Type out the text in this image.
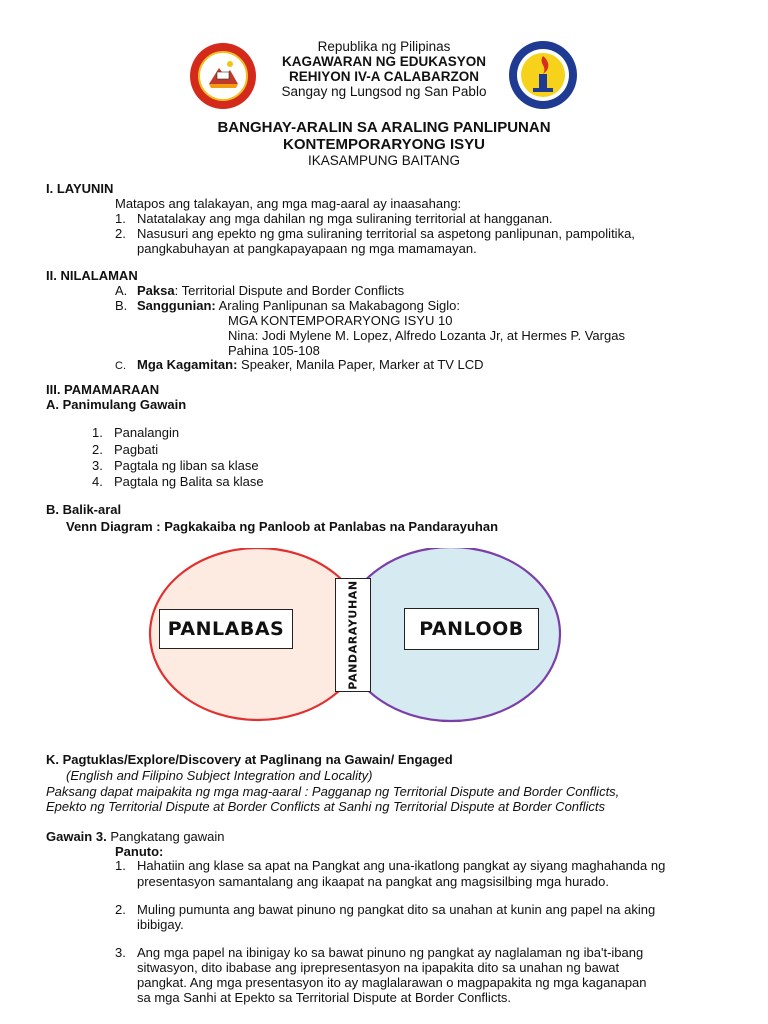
Republika ng Pilipinas
KAGAWARAN NG EDUKASYON
REHIYON IV-A CALABARZON
Sangay ng Lungsod ng San Pablo
BANGHAY-ARALIN SA ARALING PANLIPUNAN
KONTEMPORARYONG ISYU
IKASAMPUNG BAITANG
I. LAYUNIN
Matapos ang talakayan, ang mga mag-aaral ay inaasahang:
1. Natatalakay ang mga dahilan ng mga suliraning territorial at hangganan.
2. Nasusuri ang epekto ng gma suliraning territorial sa aspetong panlipunan, pampolitika,
pangkabuhayan at pangkapayapaan ng mga mamamayan.
II. NILALAMAN
A. Paksa: Territorial Dispute and Border Conflicts
B. Sanggunian: Araling Panlipunan sa Makabagong Siglo:
MGA KONTEMPORARYONG ISYU 10
Nina: Jodi Mylene M. Lopez, Alfredo Lozanta Jr, at Hermes P. Vargas
Pahina 105-108
C. Mga Kagamitan: Speaker, Manila Paper, Marker at TV LCD
III. PAMAMARAAN
A. Panimulang Gawain
1. Panalangin
2. Pagbati
3. Pagtala ng liban sa klase
4. Pagtala ng Balita sa klase
B. Balik-aral
Venn Diagram : Pagkakaiba ng Panloob at Panlabas na Pandarayuhan
PANLABAS	PANLOOB
PANDARAYUHAN
K. Pagtuklas/Explore/Discovery at Paglinang na Gawain/ Engaged
(English and Filipino Subject Integration and Locality)
Paksang dapat maipakita ng mga mag-aaral : Pagganap ng Territorial Dispute and Border Conflicts,
Epekto ng Territorial Dispute at Border Conflicts at Sanhi ng Territorial Dispute at Border Conflicts
Gawain 3. Pangkatang gawain
Panuto:
1. Hahatiin ang klase sa apat na Pangkat ang una-ikatlong pangkat ay siyang maghahanda ng
presentasyon samantalang ang ikaapat na pangkat ang magsisilbing mga hurado.
2. Muling pumunta ang bawat pinuno ng pangkat dito sa unahan at kunin ang papel na aking
ibibigay.
3. Ang mga papel na ibinigay ko sa bawat pinuno ng pangkat ay naglalaman ng iba't-ibang
sitwasyon, dito ibabase ang iprepresentasyon na ipapakita dito sa unahan ng bawat
pangkat. Ang mga presentasyon ito ay maglalarawan o magpapakita ng mga kaganapan
sa mga Sanhi at Epekto sa Territorial Dispute at Border Conflicts.
